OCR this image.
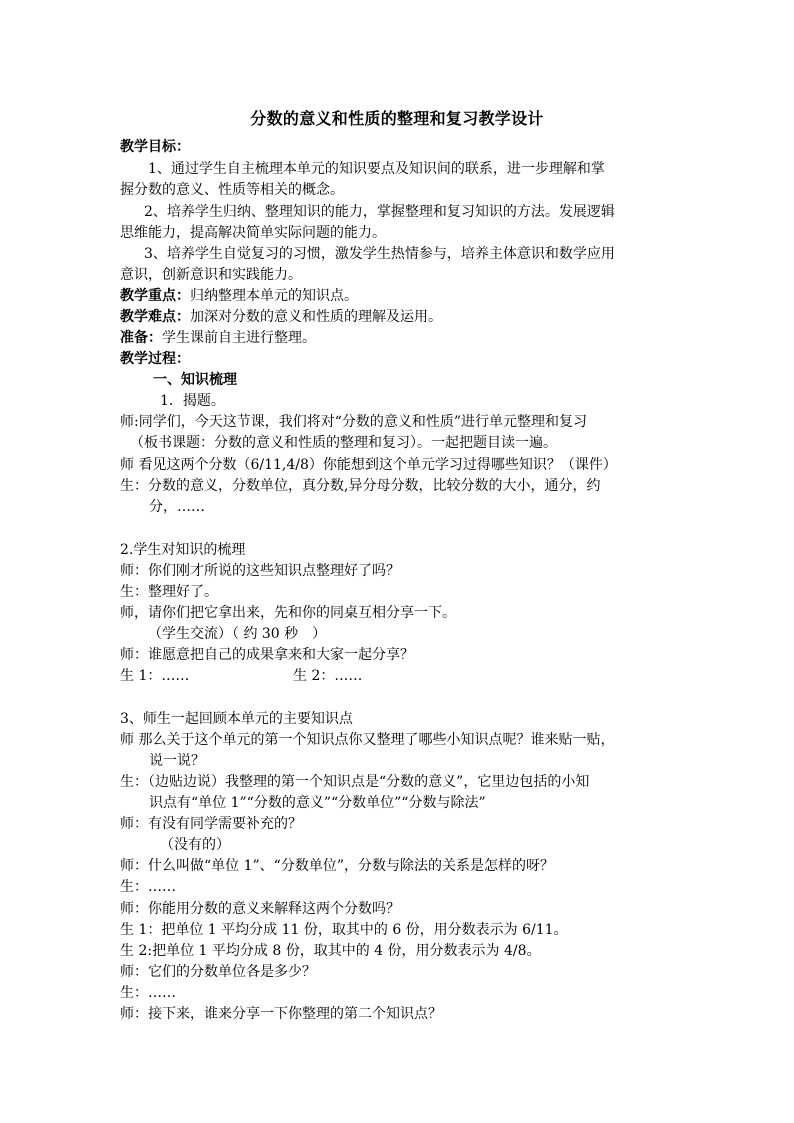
分数的意义和性质的整理和复习教学设计
教学目标：
1、通过学生自主梳理本单元的知识要点及知识间的联系，进一步理解和掌
握分数的意义、性质等相关的概念。
2、培养学生归纳、整理知识的能力，掌握整理和复习知识的方法。发展逻辑
思维能力，提高解决简单实际问题的能力。
3、培养学生自觉复习的习惯，激发学生热情参与，培养主体意识和数学应用
意识，创新意识和实践能力。
教学重点：归纳整理本单元的知识点。
教学难点：加深对分数的意义和性质的理解及运用。
准备：学生课前自主进行整理。
教学过程：
一、知识梳理
1．揭题。
师:同学们，今天这节课，我们将对“分数的意义和性质”进行单元整理和复习
（板书课题：分数的意义和性质的整理和复习）。一起把题目读一遍。
师 看见这两个分数（6/11,4/8）你能想到这个单元学习过得哪些知识？（课件）
生：分数的意义，分数单位，真分数,异分母分数，比较分数的大小，通分，约
分，……
2.学生对知识的梳理
师：你们刚才所说的这些知识点整理好了吗？
生：整理好了。
师，请你们把它拿出来，先和你的同桌互相分享一下。
（学生交流）（ 约 30 秒　）
师：谁愿意把自己的成果拿来和大家一起分享？
生 1：……	生 2：……
3、师生一起回顾本单元的主要知识点
师 那么关于这个单元的第一个知识点你又整理了哪些小知识点呢？谁来贴一贴，
说一说？
生：（边贴边说）我整理的第一个知识点是“分数的意义”，它里边包括的小知
识点有“单位 1”“分数的意义”“分数单位”“分数与除法”
师：有没有同学需要补充的？
（没有的）
师：什么叫做“单位 1”、“分数单位”，分数与除法的关系是怎样的呀？
生：……
师：你能用分数的意义来解释这两个分数吗？
生 1：把单位 1 平均分成 11 份，取其中的 6 份，用分数表示为 6/11。
生 2:把单位 1 平均分成 8 份，取其中的 4 份，用分数表示为 4/8。
师：它们的分数单位各是多少？
生：……
师：接下来，谁来分享一下你整理的第二个知识点？
